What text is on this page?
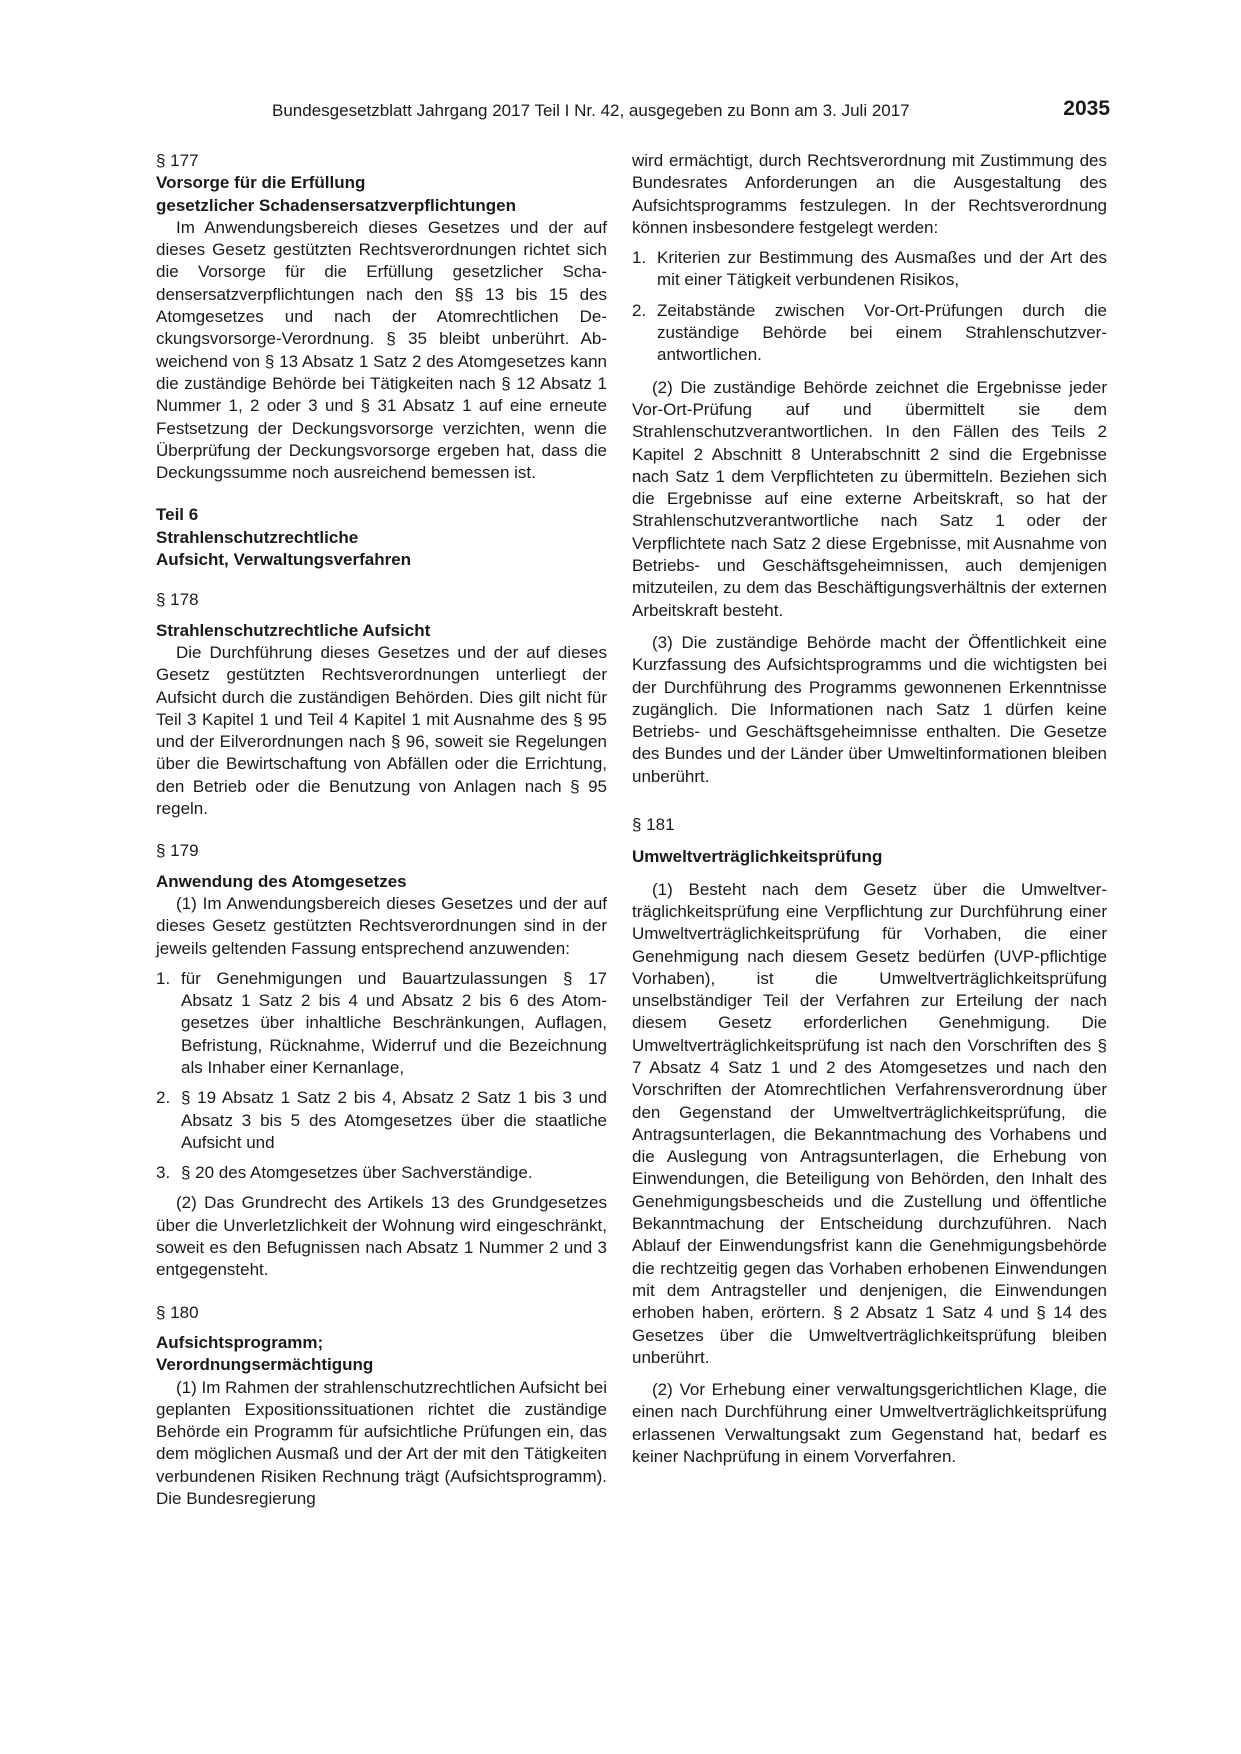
Bundesgesetzblatt Jahrgang 2017 Teil I Nr. 42, ausgegeben zu Bonn am 3. Juli 2017	2035

§ 177

Vorsorge für die Erfüllung
gesetzlicher Schadensersatzverpflichtungen

Im Anwendungsbereich dieses Gesetzes und der auf dieses Gesetz gestützten Rechtsverordnungen richtet sich die Vorsorge für die Erfüllung gesetzlicher Schadensersatzverpflichtungen nach den §§ 13 bis 15 des Atomgesetzes und nach der Atomrechtlichen Deckungsvorsorge-Verordnung. § 35 bleibt unberührt. Abweichend von § 13 Absatz 1 Satz 2 des Atomgesetzes kann die zuständige Behörde bei Tätigkeiten nach § 12 Absatz 1 Nummer 1, 2 oder 3 und § 31 Absatz 1 auf eine erneute Festsetzung der Deckungsvorsorge verzichten, wenn die Überprüfung der Deckungsvorsorge ergeben hat, dass die Deckungssumme noch ausreichend bemessen ist.

Teil 6

Strahlenschutzrechtliche
Aufsicht, Verwaltungsverfahren

§ 178

Strahlenschutzrechtliche Aufsicht

Die Durchführung dieses Gesetzes und der auf dieses Gesetz gestützten Rechtsverordnungen unterliegt der Aufsicht durch die zuständigen Behörden. Dies gilt nicht für Teil 3 Kapitel 1 und Teil 4 Kapitel 1 mit Ausnahme des § 95 und der Eilverordnungen nach § 96, soweit sie Regelungen über die Bewirtschaftung von Abfällen oder die Errichtung, den Betrieb oder die Benutzung von Anlagen nach § 95 regeln.

§ 179

Anwendung des Atomgesetzes

(1) Im Anwendungsbereich dieses Gesetzes und der auf dieses Gesetz gestützten Rechtsverordnungen sind in der jeweils geltenden Fassung entsprechend anzuwenden:

1. für Genehmigungen und Bauartzulassungen § 17 Absatz 1 Satz 2 bis 4 und Absatz 2 bis 6 des Atomgesetzes über inhaltliche Beschränkungen, Auflagen, Befristung, Rücknahme, Widerruf und die Bezeichnung als Inhaber einer Kernanlage,
2. § 19 Absatz 1 Satz 2 bis 4, Absatz 2 Satz 1 bis 3 und Absatz 3 bis 5 des Atomgesetzes über die staatliche Aufsicht und
3. § 20 des Atomgesetzes über Sachverständige.

(2) Das Grundrecht des Artikels 13 des Grundgesetzes über die Unverletzlichkeit der Wohnung wird eingeschränkt, soweit es den Befugnissen nach Absatz 1 Nummer 2 und 3 entgegensteht.

§ 180

Aufsichtsprogramm;
Verordnungsermächtigung

(1) Im Rahmen der strahlenschutzrechtlichen Aufsicht bei geplanten Expositionssituationen richtet die zuständige Behörde ein Programm für aufsichtliche Prüfungen ein, das dem möglichen Ausmaß und der Art der mit den Tätigkeiten verbundenen Risiken Rechnung trägt (Aufsichtsprogramm). Die Bundesregierung

wird ermächtigt, durch Rechtsverordnung mit Zustimmung des Bundesrates Anforderungen an die Ausgestaltung des Aufsichtsprogramms festzulegen. In der Rechtsverordnung können insbesondere festgelegt werden:

1. Kriterien zur Bestimmung des Ausmaßes und der Art des mit einer Tätigkeit verbundenen Risikos,
2. Zeitabstände zwischen Vor-Ort-Prüfungen durch die zuständige Behörde bei einem Strahlenschutzverantwortlichen.

(2) Die zuständige Behörde zeichnet die Ergebnisse jeder Vor-Ort-Prüfung auf und übermittelt sie dem Strahlenschutzverantwortlichen. In den Fällen des Teils 2 Kapitel 2 Abschnitt 8 Unterabschnitt 2 sind die Ergebnisse nach Satz 1 dem Verpflichteten zu übermitteln. Beziehen sich die Ergebnisse auf eine externe Arbeitskraft, so hat der Strahlenschutzverantwortliche nach Satz 1 oder der Verpflichtete nach Satz 2 diese Ergebnisse, mit Ausnahme von Betriebs- und Geschäftsgeheimnissen, auch demjenigen mitzuteilen, zu dem das Beschäftigungsverhältnis der externen Arbeitskraft besteht.

(3) Die zuständige Behörde macht der Öffentlichkeit eine Kurzfassung des Aufsichtsprogramms und die wichtigsten bei der Durchführung des Programms gewonnenen Erkenntnisse zugänglich. Die Informationen nach Satz 1 dürfen keine Betriebs- und Geschäftsgeheimnisse enthalten. Die Gesetze des Bundes und der Länder über Umweltinformationen bleiben unberührt.

§ 181

Umweltverträglichkeitsprüfung

(1) Besteht nach dem Gesetz über die Umweltverträglichkeitsprüfung eine Verpflichtung zur Durchführung einer Umweltverträglichkeitsprüfung für Vorhaben, die einer Genehmigung nach diesem Gesetz bedürfen (UVP-pflichtige Vorhaben), ist die Umweltverträglichkeitsprüfung unselbständiger Teil der Verfahren zur Erteilung der nach diesem Gesetz erforderlichen Genehmigung. Die Umweltverträglichkeitsprüfung ist nach den Vorschriften des § 7 Absatz 4 Satz 1 und 2 des Atomgesetzes und nach den Vorschriften der Atomrechtlichen Verfahrensverordnung über den Gegenstand der Umweltverträglichkeitsprüfung, die Antragsunterlagen, die Bekanntmachung des Vorhabens und die Auslegung von Antragsunterlagen, die Erhebung von Einwendungen, die Beteiligung von Behörden, den Inhalt des Genehmigungsbescheids und die Zustellung und öffentliche Bekanntmachung der Entscheidung durchzuführen. Nach Ablauf der Einwendungsfrist kann die Genehmigungsbehörde die rechtzeitig gegen das Vorhaben erhobenen Einwendungen mit dem Antragsteller und denjenigen, die Einwendungen erhoben haben, erörtern. § 2 Absatz 1 Satz 4 und § 14 des Gesetzes über die Umweltverträglichkeitsprüfung bleiben unberührt.

(2) Vor Erhebung einer verwaltungsgerichtlichen Klage, die einen nach Durchführung einer Umweltverträglichkeitsprüfung erlassenen Verwaltungsakt zum Gegenstand hat, bedarf es keiner Nachprüfung in einem Vorverfahren.
